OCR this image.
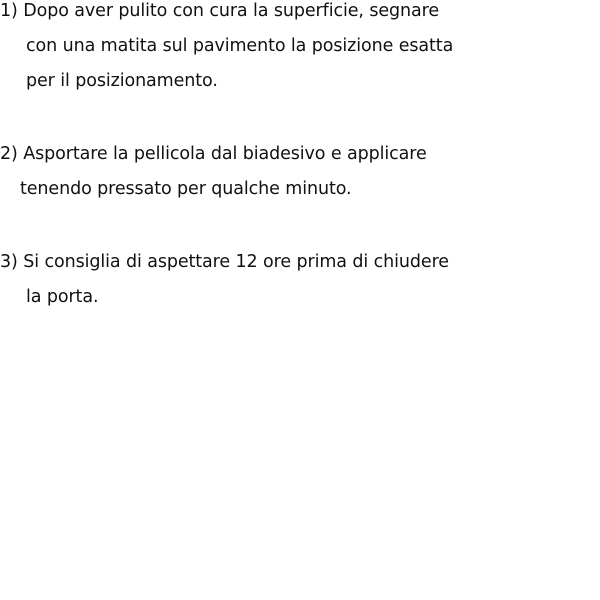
1) Dopo aver pulito con cura la superficie, segnare
con una matita sul pavimento la posizione esatta
per il posizionamento.
2) Asportare la pellicola dal biadesivo e applicare
tenendo pressato per qualche minuto.
3) Si consiglia di aspettare 12 ore prima di chiudere
la porta.
